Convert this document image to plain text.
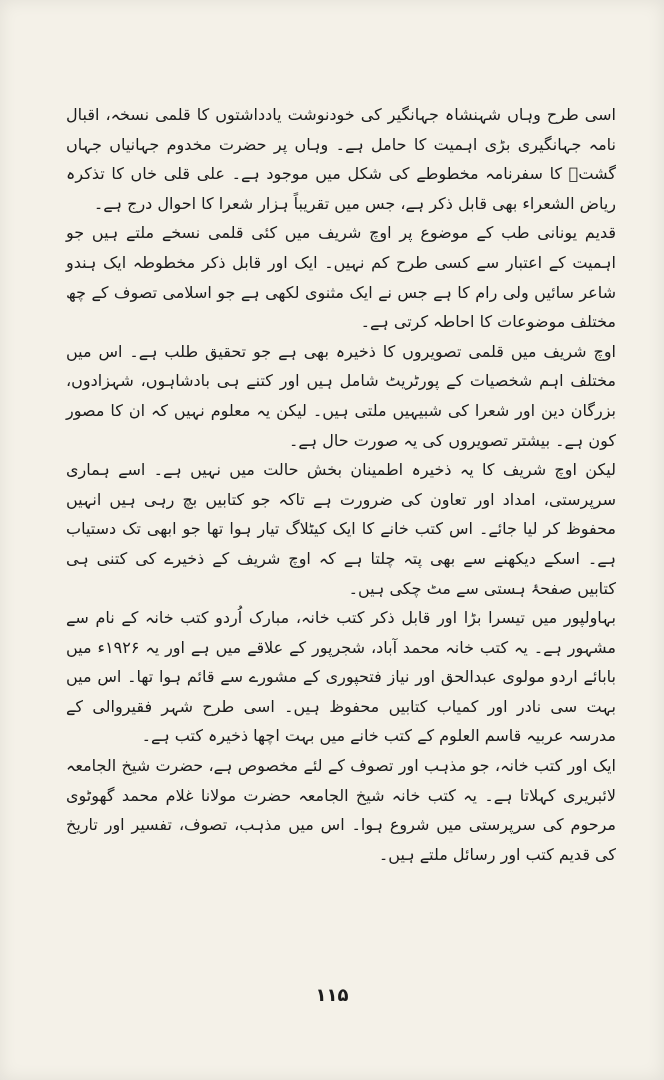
اسی طرح وہاں شہنشاہ جہانگیر کی خودنوشت یادداشتوں کا قلمی نسخہ، اقبال نامہ جہانگیری بڑی اہمیت کا حامل ہے۔ وہاں پر حضرت مخدوم جہانیاں جہاں گشتؒ کا سفرنامہ مخطوطے کی شکل میں موجود ہے۔ علی قلی خاں کا تذکرہ ریاض الشعراء بھی قابل ذکر ہے، جس میں تقریباً ہزار شعرا کا احوال درج ہے۔

قدیم یونانی طب کے موضوع پر اوچ شریف میں کئی قلمی نسخے ملتے ہیں جو اہمیت کے اعتبار سے کسی طرح کم نہیں۔ ایک اور قابل ذکر مخطوطہ ایک ہندو شاعر سائیں ولی رام کا ہے جس نے ایک مثنوی لکھی ہے جو اسلامی تصوف کے چھ مختلف موضوعات کا احاطہ کرتی ہے۔

اوچ شریف میں قلمی تصویروں کا ذخیرہ بھی ہے جو تحقیق طلب ہے۔ اس میں مختلف اہم شخصیات کے پورٹریٹ شامل ہیں اور کتنے ہی بادشاہوں، شہزادوں، بزرگان دین اور شعرا کی شبیہیں ملتی ہیں۔ لیکن یہ معلوم نہیں کہ ان کا مصور کون ہے۔ بیشتر تصویروں کی یہ صورت حال ہے۔

لیکن اوچ شریف کا یہ ذخیرہ اطمینان بخش حالت میں نہیں ہے۔ اسے ہماری سرپرستی، امداد اور تعاون کی ضرورت ہے تاکہ جو کتابیں بچ رہی ہیں انہیں محفوظ کر لیا جائے۔ اس کتب خانے کا ایک کیٹلاگ تیار ہوا تھا جو ابھی تک دستیاب ہے۔ اسکے دیکھنے سے بھی پتہ چلتا ہے کہ اوچ شریف کے ذخیرے کی کتنی ہی کتابیں صفحۂ ہستی سے مٹ چکی ہیں۔

بہاولپور میں تیسرا بڑا اور قابل ذکر کتب خانہ، مبارک اُردو کتب خانہ کے نام سے مشہور ہے۔ یہ کتب خانہ محمد آباد، شجرپور کے علاقے میں ہے اور یہ ۱۹۲۶ء میں بابائے اردو مولوی عبدالحق اور نیاز فتحپوری کے مشورے سے قائم ہوا تھا۔ اس میں بہت سی نادر اور کمیاب کتابیں محفوظ ہیں۔ اسی طرح شہر فقیروالی کے مدرسہ عربیہ قاسم العلوم کے کتب خانے میں بہت اچھا ذخیرہ کتب ہے۔

ایک اور کتب خانہ، جو مذہب اور تصوف کے لئے مخصوص ہے، حضرت شیخ الجامعہ لائبریری کہلاتا ہے۔ یہ کتب خانہ شیخ الجامعہ حضرت مولانا غلام محمد گھوٹوی مرحوم کی سرپرستی میں شروع ہوا۔ اس میں مذہب، تصوف، تفسیر اور تاریخ کی قدیم کتب اور رسائل ملتے ہیں۔

۱۱۵
